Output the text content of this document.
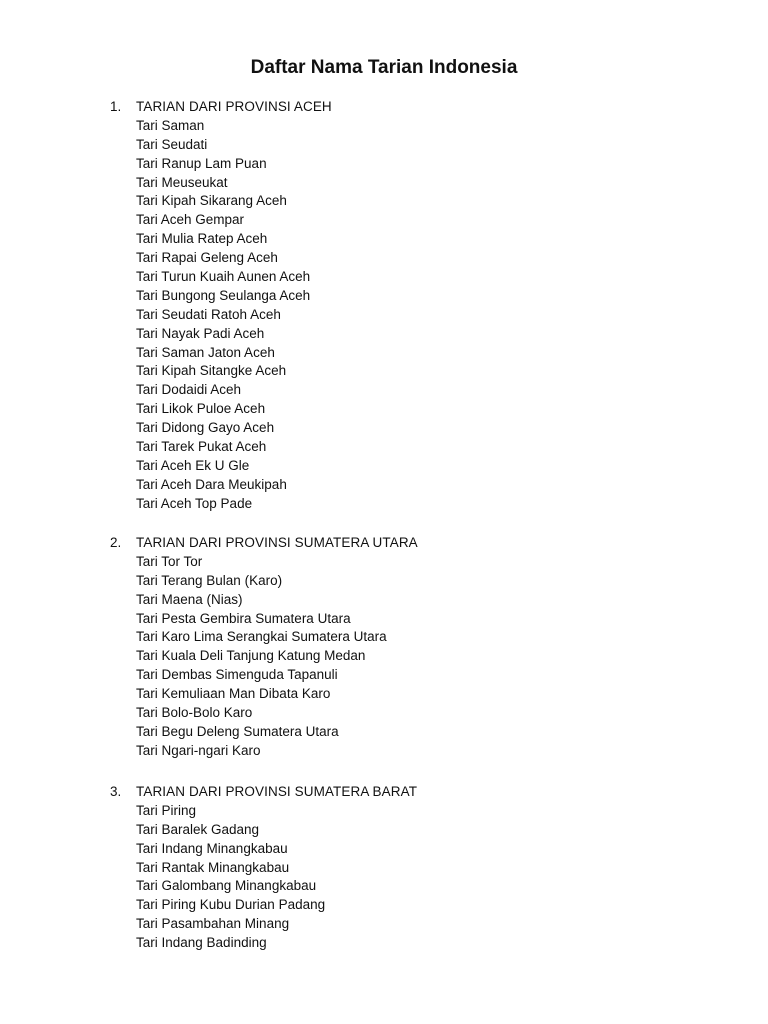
Daftar Nama Tarian Indonesia
1.	TARIAN DARI PROVINSI ACEH
Tari Saman
Tari Seudati
Tari Ranup Lam Puan
Tari Meuseukat
Tari Kipah Sikarang Aceh
Tari Aceh Gempar
Tari Mulia Ratep Aceh
Tari Rapai Geleng Aceh
Tari Turun Kuaih Aunen Aceh
Tari Bungong Seulanga Aceh
Tari Seudati Ratoh Aceh
Tari Nayak Padi Aceh
Tari Saman Jaton Aceh
Tari Kipah Sitangke Aceh
Tari Dodaidi Aceh
Tari Likok Puloe Aceh
Tari Didong Gayo Aceh
Tari Tarek Pukat Aceh
Tari Aceh Ek U Gle
Tari Aceh Dara Meukipah
Tari Aceh Top Pade
2.	TARIAN DARI PROVINSI SUMATERA UTARA
Tari Tor Tor
Tari Terang Bulan (Karo)
Tari Maena (Nias)
Tari Pesta Gembira Sumatera Utara
Tari Karo Lima Serangkai Sumatera Utara
Tari Kuala Deli Tanjung Katung Medan
Tari Dembas Simenguda Tapanuli
Tari Kemuliaan Man Dibata Karo
Tari Bolo-Bolo Karo
Tari Begu Deleng Sumatera Utara
Tari Ngari-ngari Karo
3.	TARIAN DARI PROVINSI SUMATERA BARAT
Tari Piring
Tari Baralek Gadang
Tari Indang Minangkabau
Tari Rantak Minangkabau
Tari Galombang Minangkabau
Tari Piring Kubu Durian Padang
Tari Pasambahan Minang
Tari Indang Badinding
